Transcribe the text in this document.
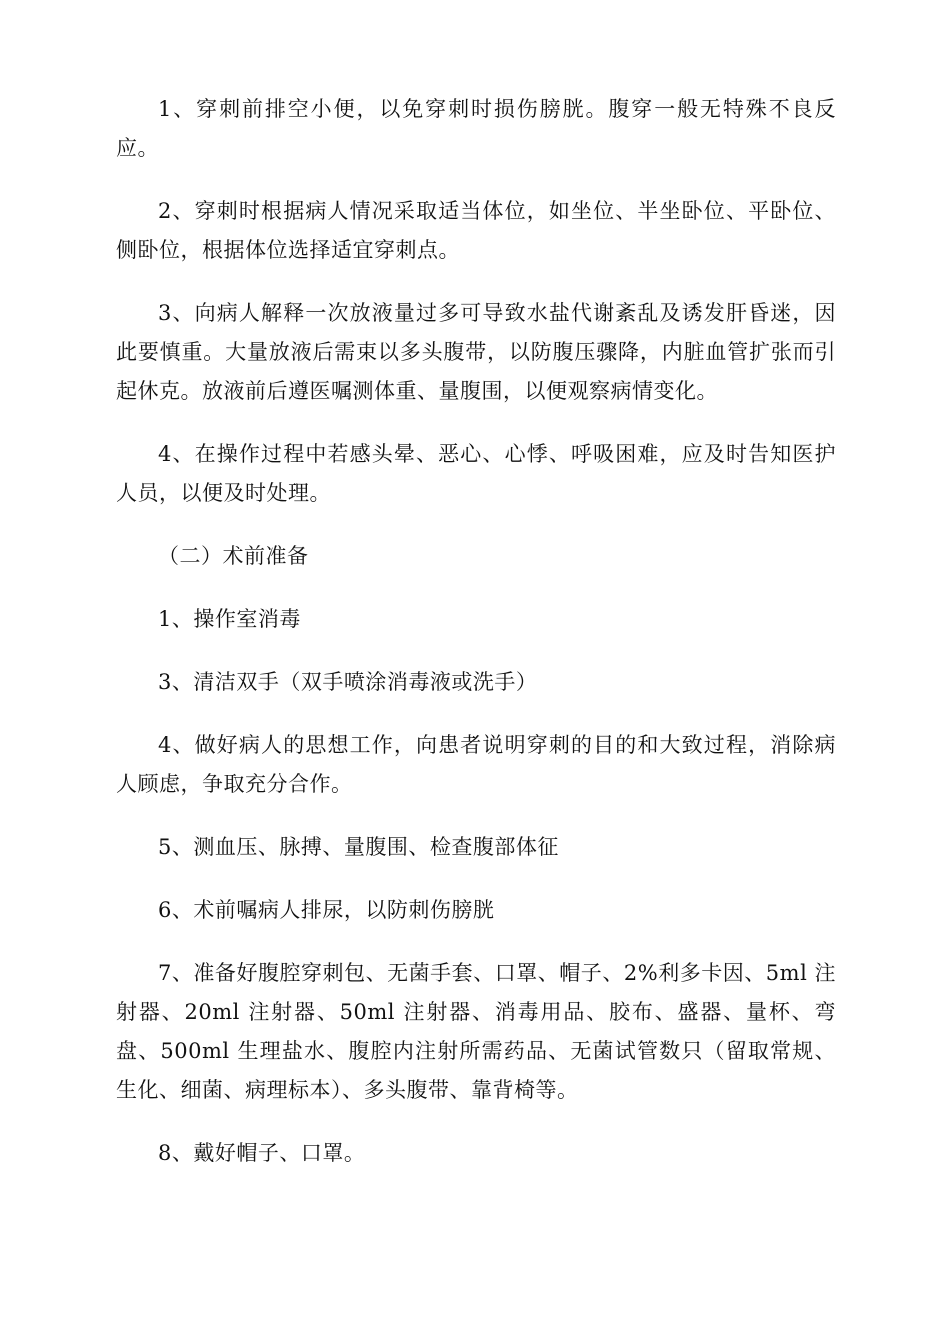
1、穿刺前排空小便，以免穿刺时损伤膀胱。腹穿一般无特殊不良反应。

2、穿刺时根据病人情况采取适当体位，如坐位、半坐卧位、平卧位、侧卧位，根据体位选择适宜穿刺点。

3、向病人解释一次放液量过多可导致水盐代谢紊乱及诱发肝昏迷，因此要慎重。大量放液后需束以多头腹带，以防腹压骤降，内脏血管扩张而引起休克。放液前后遵医嘱测体重、量腹围，以便观察病情变化。

4、在操作过程中若感头晕、恶心、心悸、呼吸困难，应及时告知医护人员，以便及时处理。

（二）术前准备

1、操作室消毒

3、清洁双手（双手喷涂消毒液或洗手）

4、做好病人的思想工作，向患者说明穿刺的目的和大致过程，消除病人顾虑，争取充分合作。

5、测血压、脉搏、量腹围、检查腹部体征

6、术前嘱病人排尿，以防刺伤膀胱

7、准备好腹腔穿刺包、无菌手套、口罩、帽子、2%利多卡因、5ml 注射器、20ml 注射器、50ml 注射器、消毒用品、胶布、盛器、量杯、弯盘、500ml 生理盐水、腹腔内注射所需药品、无菌试管数只（留取常规、生化、细菌、病理标本）、多头腹带、靠背椅等。

8、戴好帽子、口罩。
